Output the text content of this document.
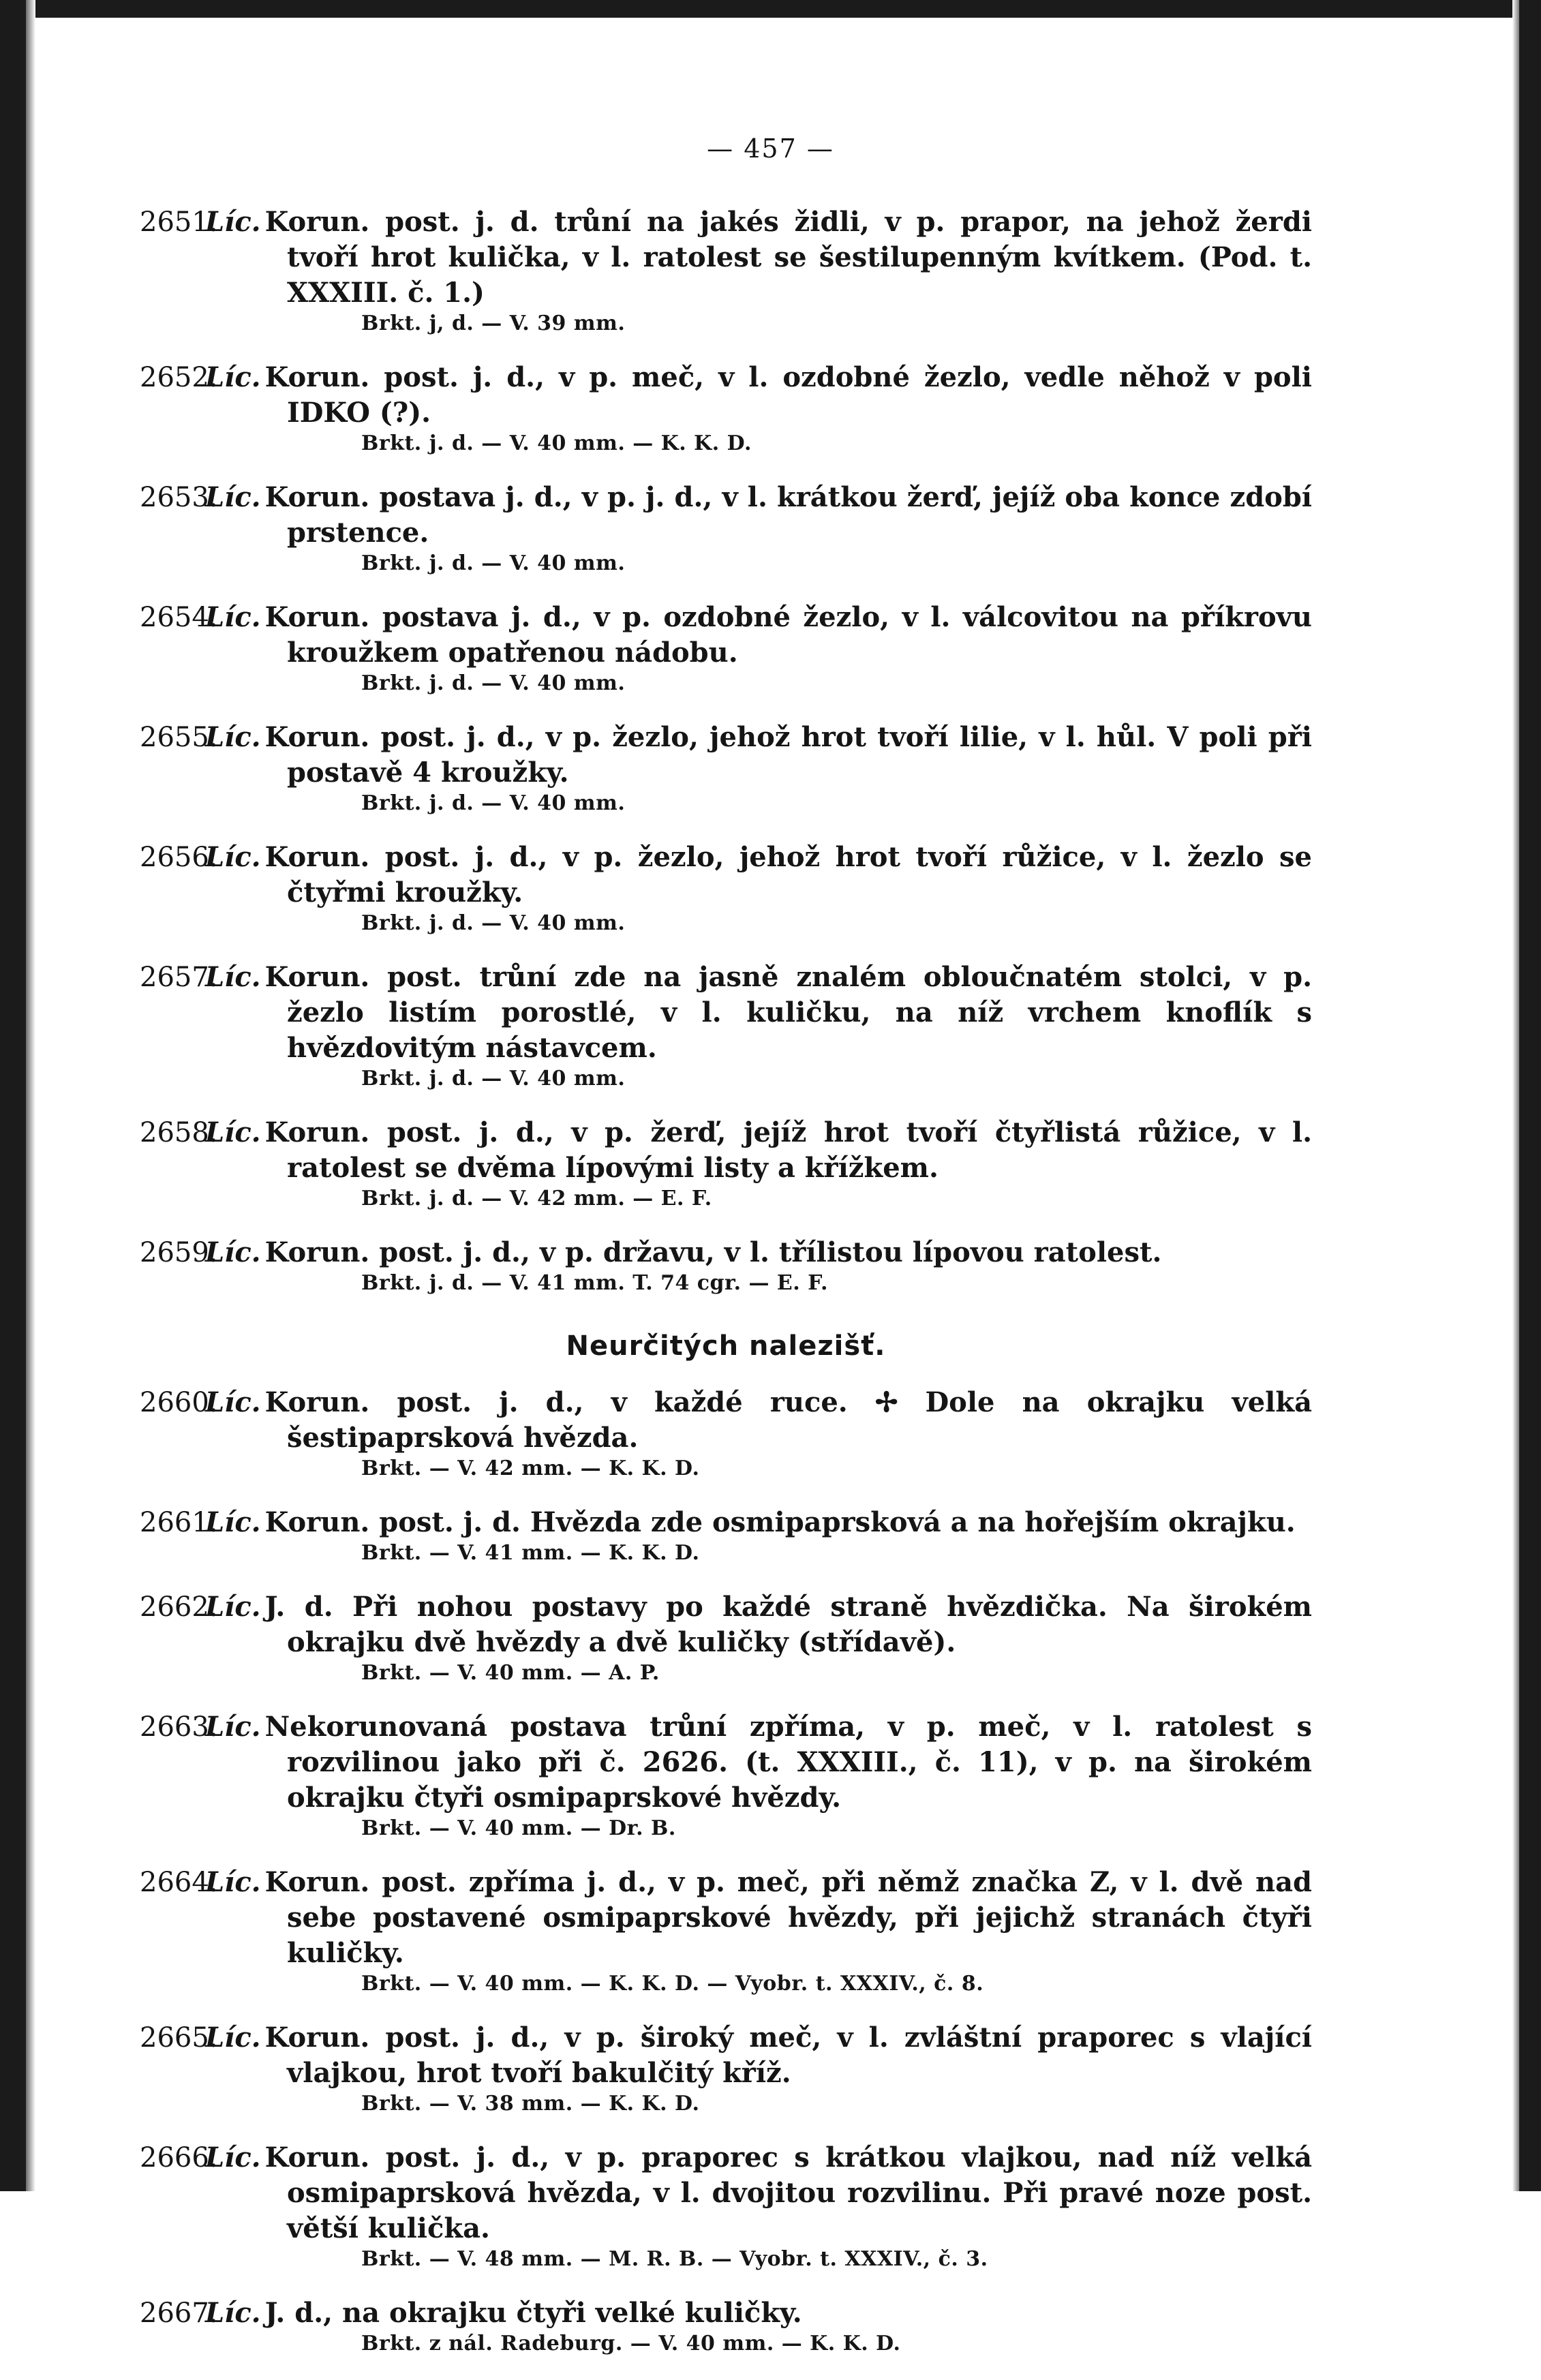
— 457 —
2651.
Líc. Korun. post. j. d. trůní na jakés židli, v p. prapor, na jehož žerdi tvoří hrot kulička, v l. ratolest se šestilupenným kvítkem. (Pod. t. XXXIII. č. 1.)
Brkt. j, d. — V. 39 mm.
2652.
Líc. Korun. post. j. d., v p. meč, v l. ozdobné žezlo, vedle něhož v poli IDKO (?).
Brkt. j. d. — V. 40 mm. — K. K. D.
2653.
Líc. Korun. postava j. d., v p. j. d., v l. krátkou žerď, jejíž oba konce zdobí prstence.
Brkt. j. d. — V. 40 mm.
2654.
Líc. Korun. postava j. d., v p. ozdobné žezlo, v l. válcovitou na příkrovu kroužkem opatřenou nádobu.
Brkt. j. d. — V. 40 mm.
2655.
Líc. Korun. post. j. d., v p. žezlo, jehož hrot tvoří lilie, v l. hůl. V poli při postavě 4 kroužky.
Brkt. j. d. — V. 40 mm.
2656.
Líc. Korun. post. j. d., v p. žezlo, jehož hrot tvoří růžice, v l. žezlo se čtyřmi kroužky.
Brkt. j. d. — V. 40 mm.
2657.
Líc. Korun. post. trůní zde na jasně znalém obloučnatém stolci, v p. žezlo listím porostlé, v l. kuličku, na níž vrchem knoflík s hvězdovitým nástavcem.
Brkt. j. d. — V. 40 mm.
2658.
Líc. Korun. post. j. d., v p. žerď, jejíž hrot tvoří čtyřlistá růžice, v l. ratolest se dvěma lípovými listy a křížkem.
Brkt. j. d. — V. 42 mm. — E. F.
2659.
Líc. Korun. post. j. d., v p. državu, v l. třílistou lípovou ratolest.
Brkt. j. d. — V. 41 mm. T. 74 cgr. — E. F.
Neurčitých nalezišť.
2660.
Líc. Korun. post. j. d., v každé ruce. ✢ Dole na okrajku velká šestipaprsková hvězda.
Brkt. — V. 42 mm. — K. K. D.
2661.
Líc. Korun. post. j. d. Hvězda zde osmipaprsková a na hořejším okrajku.
Brkt. — V. 41 mm. — K. K. D.
2662.
Líc. J. d. Při nohou postavy po každé straně hvězdička. Na širokém okrajku dvě hvězdy a dvě kuličky (střídavě).
Brkt. — V. 40 mm. — A. P.
2663.
Líc. Nekorunovaná postava trůní zpříma, v p. meč, v l. ratolest s rozvilinou jako při č. 2626. (t. XXXIII., č. 11), v p. na širokém okrajku čtyři osmipaprskové hvězdy.
Brkt. — V. 40 mm. — Dr. B.
2664.
Líc. Korun. post. zpříma j. d., v p. meč, při němž značka Z, v l. dvě nad sebe postavené osmipaprskové hvězdy, při jejichž stranách čtyři kuličky.
Brkt. — V. 40 mm. — K. K. D. — Vyobr. t. XXXIV., č. 8.
2665.
Líc. Korun. post. j. d., v p. široký meč, v l. zvláštní praporec s vlající vlajkou, hrot tvoří bakulčitý kříž.
Brkt. — V. 38 mm. — K. K. D.
2666.
Líc. Korun. post. j. d., v p. praporec s krátkou vlajkou, nad níž velká osmipaprsková hvězda, v l. dvojitou rozvilinu. Při pravé noze post. větší kulička.
Brkt. — V. 48 mm. — M. R. B. — Vyobr. t. XXXIV., č. 3.
2667.
Líc. J. d., na okrajku čtyři velké kuličky.
Brkt. z nál. Radeburg. — V. 40 mm. — K. K. D.
